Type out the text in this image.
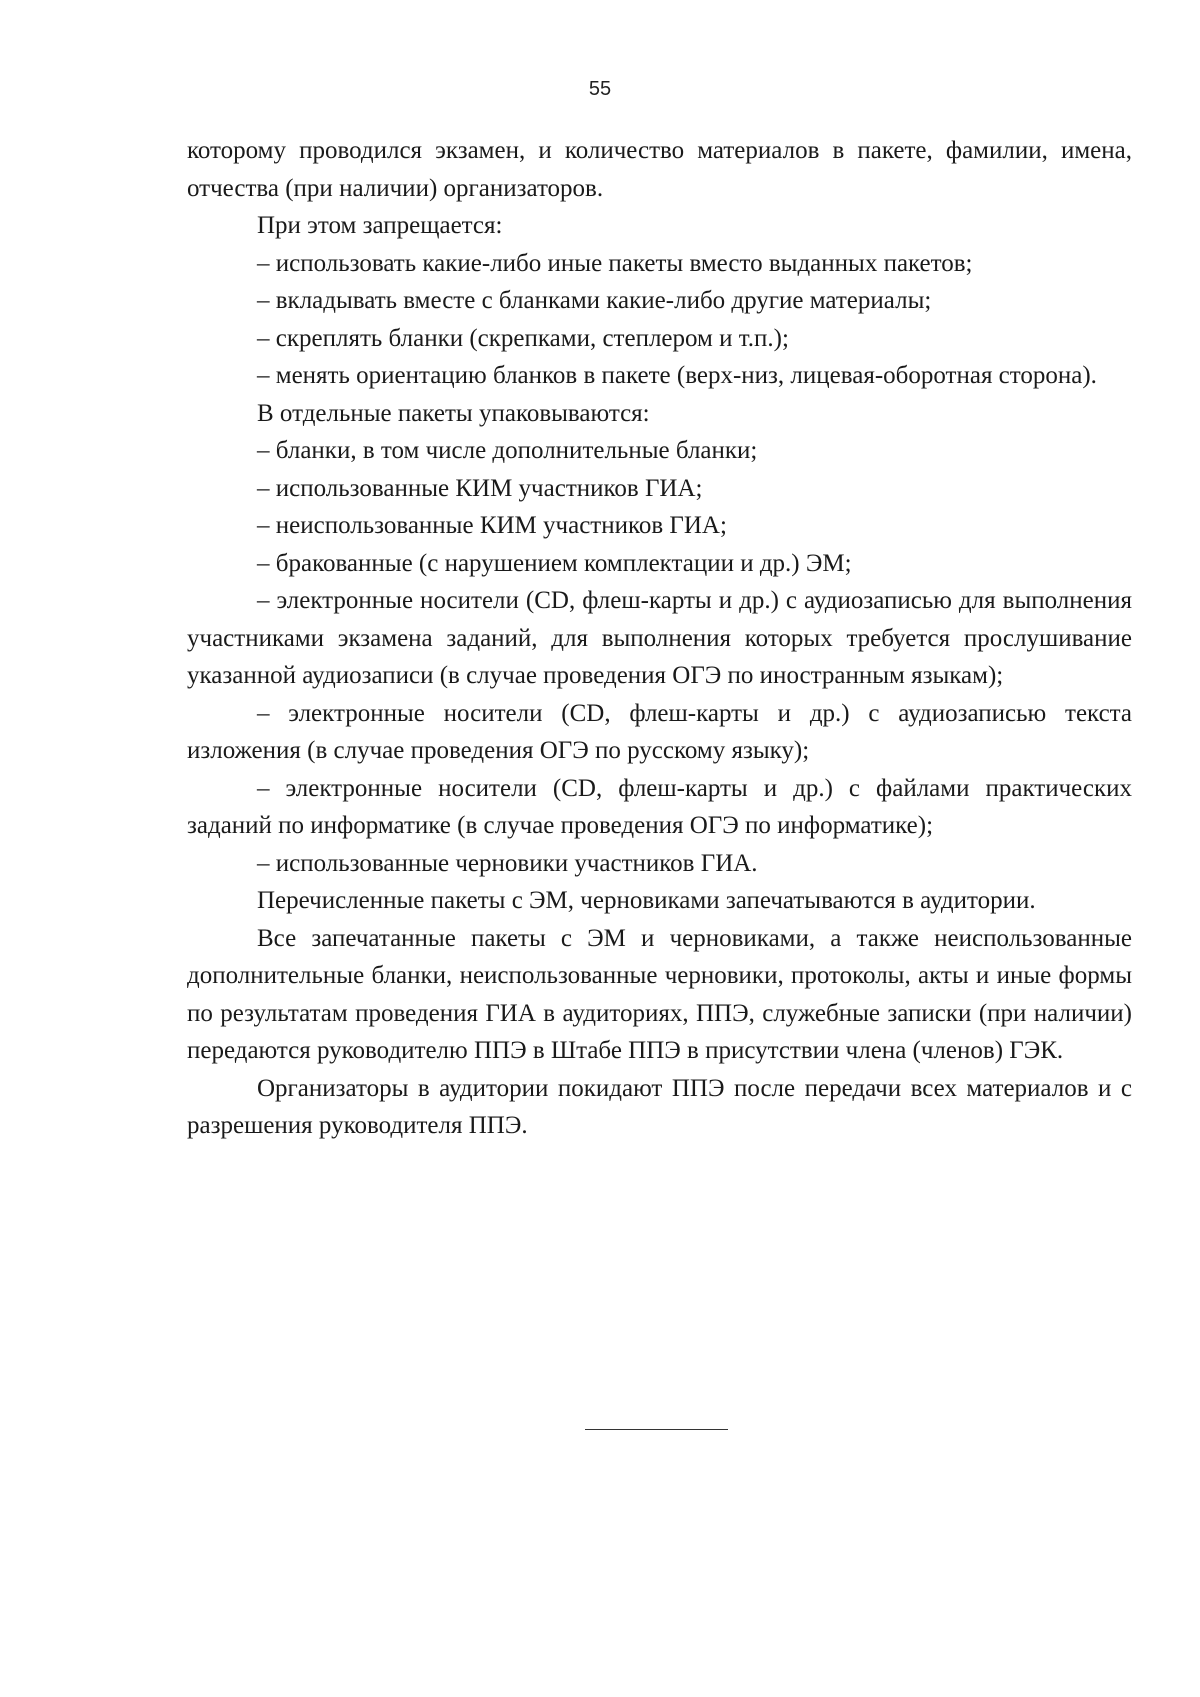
55

которому проводился экзамен, и количество материалов в пакете, фамилии, имена, отчества (при наличии) организаторов.

При этом запрещается:

– использовать какие-либо иные пакеты вместо выданных пакетов;

– вкладывать вместе с бланками какие-либо другие материалы;

– скреплять бланки (скрепками, степлером и т.п.);

– менять ориентацию бланков в пакете (верх-низ, лицевая-оборотная сторона).

В отдельные пакеты упаковываются:

– бланки, в том числе дополнительные бланки;

– использованные КИМ участников ГИА;

– неиспользованные КИМ участников ГИА;

– бракованные (с нарушением комплектации и др.) ЭМ;

– электронные носители (CD, флеш-карты и др.) с аудиозаписью для выполнения участниками экзамена заданий, для выполнения которых требуется прослушивание указанной аудиозаписи (в случае проведения ОГЭ по иностранным языкам);

– электронные носители (CD, флеш-карты и др.) с аудиозаписью текста изложения (в случае проведения ОГЭ по русскому языку);

– электронные носители (CD, флеш-карты и др.) с файлами практических заданий по информатике (в случае проведения ОГЭ по информатике);

– использованные черновики участников ГИА.

Перечисленные пакеты с ЭМ, черновиками запечатываются в аудитории.

Все запечатанные пакеты с ЭМ и черновиками, а также неиспользованные дополнительные бланки, неиспользованные черновики, протоколы, акты и иные формы по результатам проведения ГИА в аудиториях, ППЭ, служебные записки (при наличии) передаются руководителю ППЭ в Штабе ППЭ в присутствии члена (членов) ГЭК.

Организаторы в аудитории покидают ППЭ после передачи всех материалов и с разрешения руководителя ППЭ.
